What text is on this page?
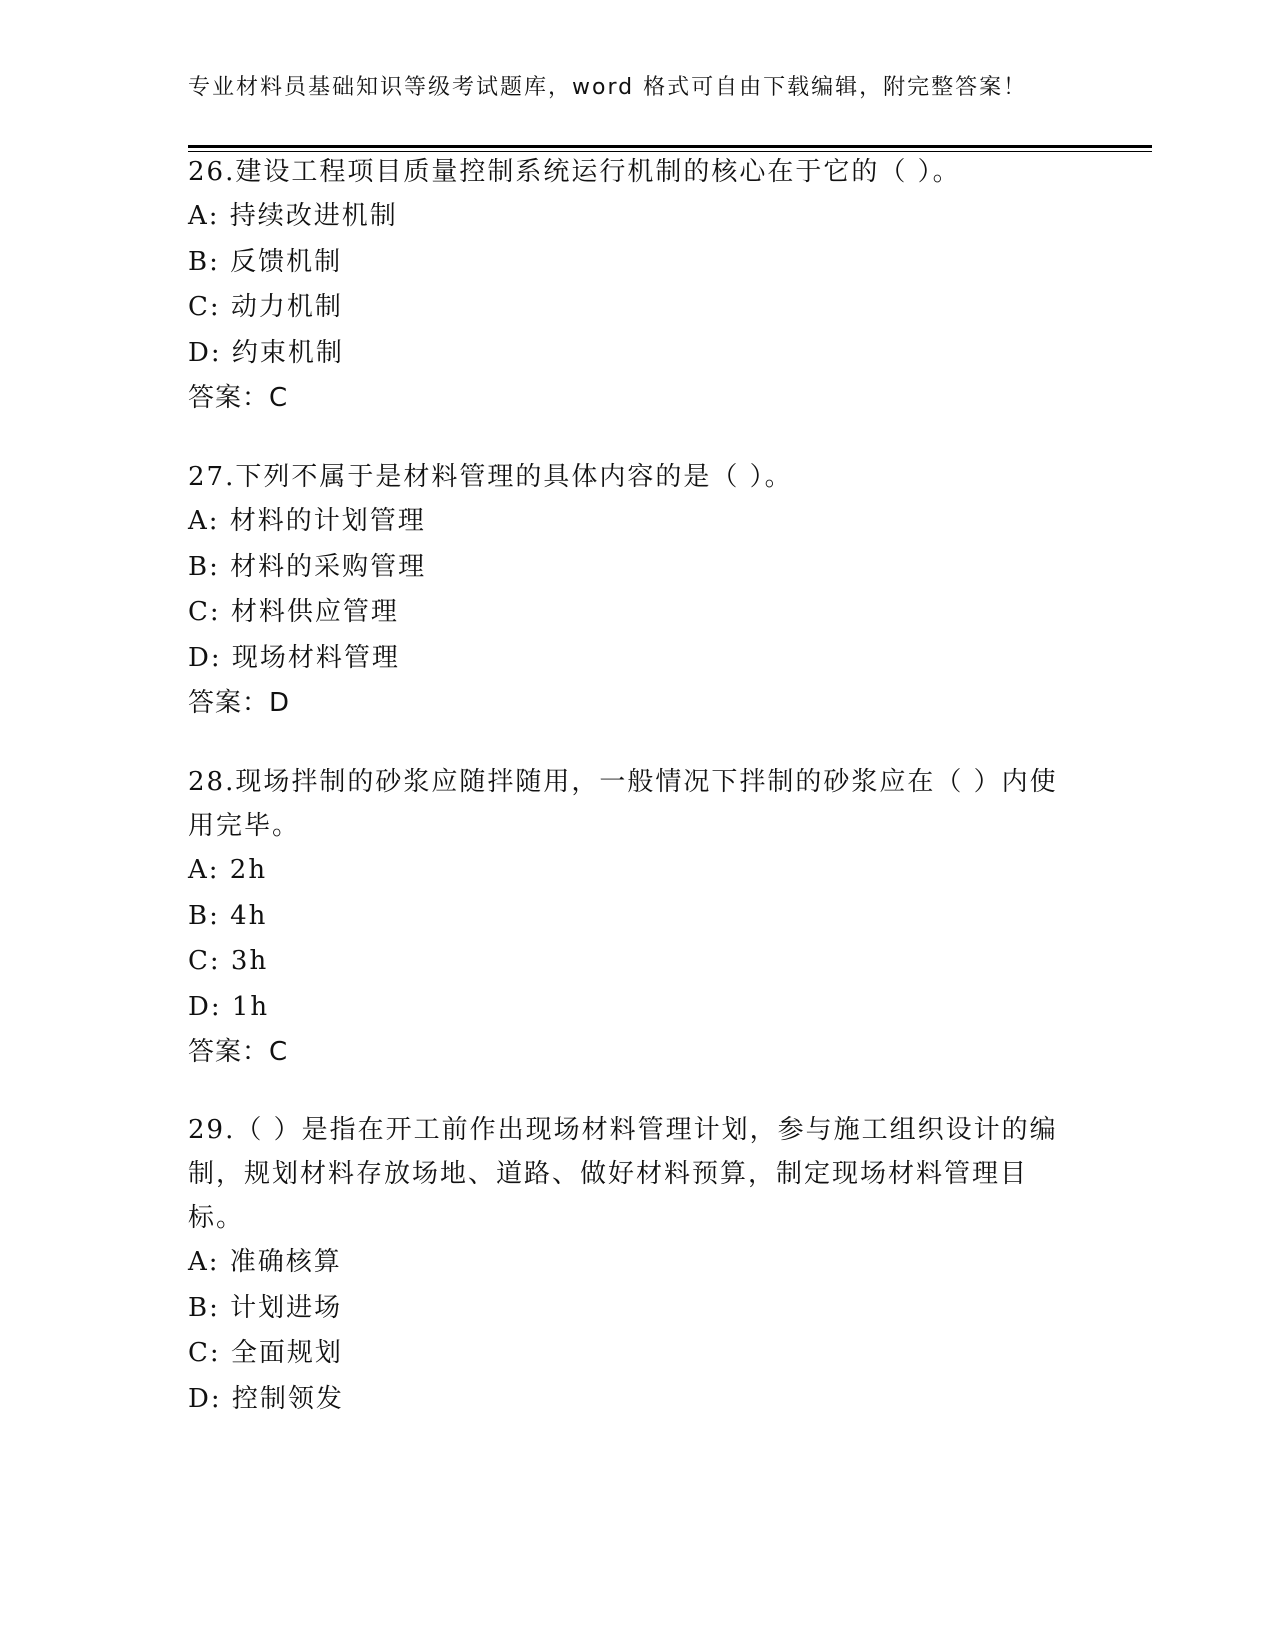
专业材料员基础知识等级考试题库，word 格式可自由下载编辑，附完整答案！
26.建设工程项目质量控制系统运行机制的核心在于它的（ ）。
A: 持续改进机制
B: 反馈机制
C: 动力机制
D: 约束机制
答案：C
27.下列不属于是材料管理的具体内容的是（ ）。
A: 材料的计划管理
B: 材料的采购管理
C: 材料供应管理
D: 现场材料管理
答案：D
28.现场拌制的砂浆应随拌随用，一般情况下拌制的砂浆应在（ ）内使用完毕。
A: 2h
B: 4h
C: 3h
D: 1h
答案：C
29.（ ）是指在开工前作出现场材料管理计划，参与施工组织设计的编制，规划材料存放场地、道路、做好材料预算，制定现场材料管理目标。
A: 准确核算
B: 计划进场
C: 全面规划
D: 控制领发
